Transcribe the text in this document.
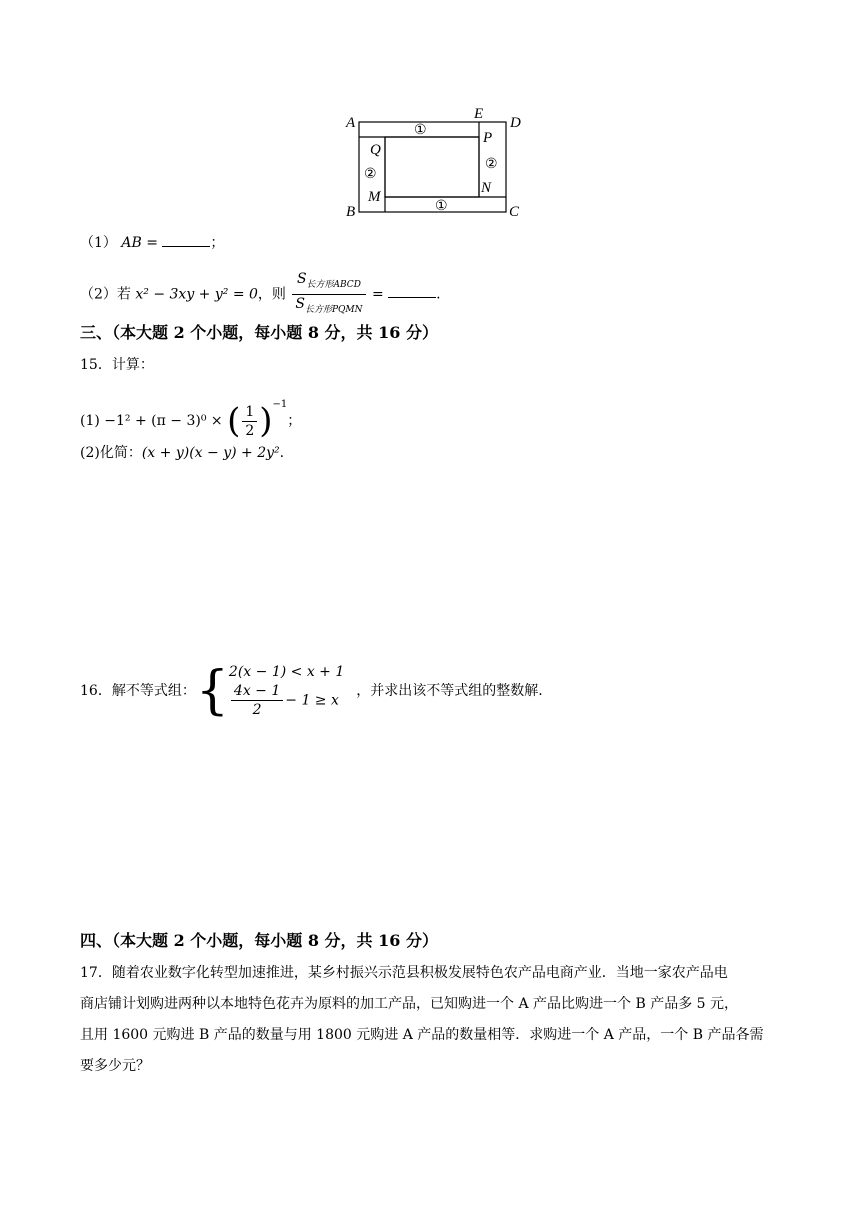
A
E
D
B	C
P
Q
M
N
①
①
②
②
（1） AB =	；
（2）若 x² − 3xy + y² = 0，则 $\frac{S_{长方形ABCD}}{S_{长方形PQMN}}$ =	.
三、（本大题 2 个小题，每小题 8 分，共 16 分）
15．计算：
(1) −1² + (π − 3)⁰ × ( $\frac{1}{2} )^{-1}$；
(2)化简：(x + y)(x − y) + 2y².
16．解不等式组： { 2(x − 1) < x + 1
$\frac{4x - 1}{2} - 1 \ge x$
，并求出该不等式组的整数解.
四、（本大题 2 个小题，每小题 8 分，共 16 分）
17．随着农业数字化转型加速推进，某乡村振兴示范县积极发展特色农产品电商产业．当地一家农产品电
商店铺计划购进两种以本地特色花卉为原料的加工产品，已知购进一个 A 产品比购进一个 B 产品多 5 元，
且用 1600 元购进 B 产品的数量与用 1800 元购进 A 产品的数量相等．求购进一个 A 产品，一个 B 产品各需
要多少元？
